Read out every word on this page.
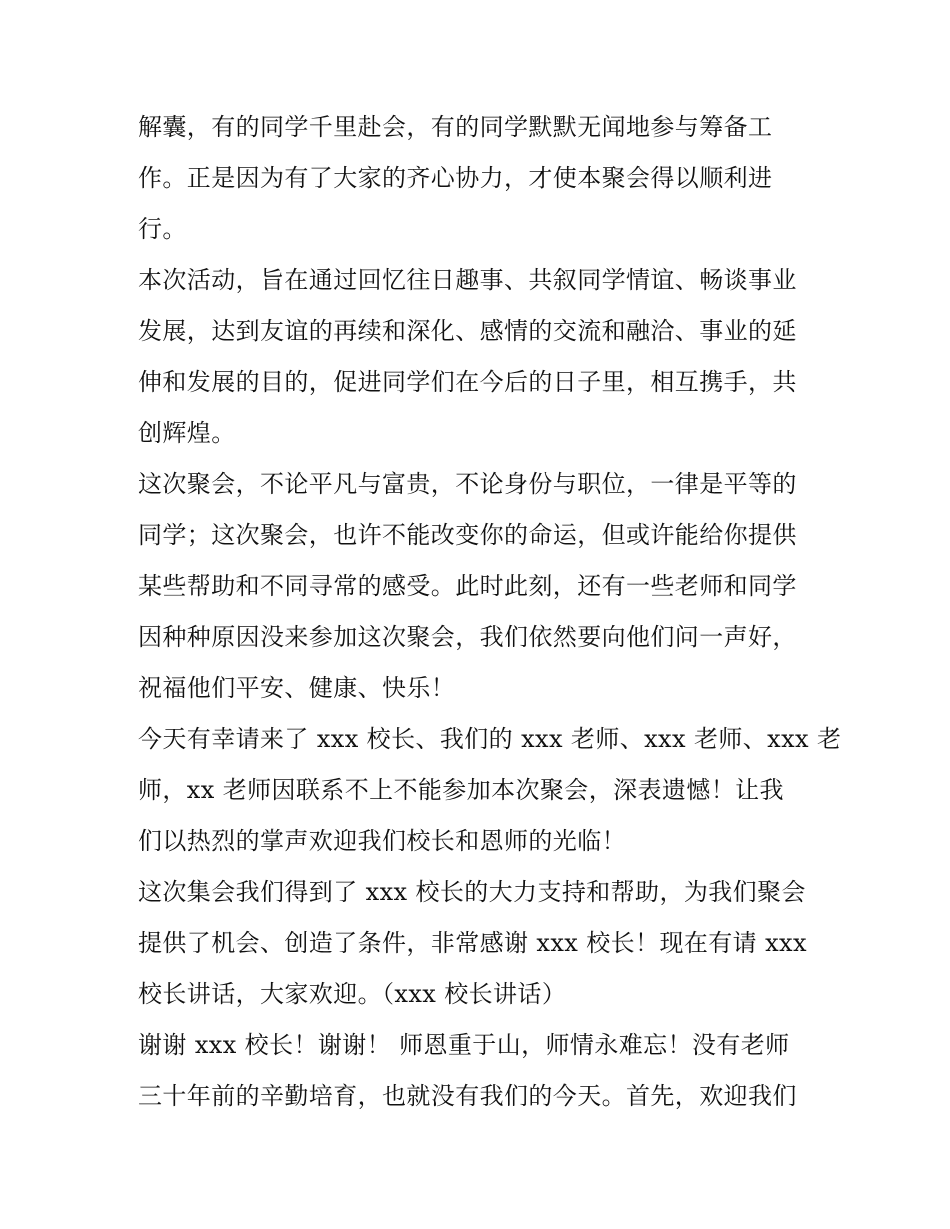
解囊，有的同学千里赴会，有的同学默默无闻地参与筹备工
作。正是因为有了大家的齐心协力，才使本聚会得以顺利进
行。
本次活动，旨在通过回忆往日趣事、共叙同学情谊、畅谈事业
发展，达到友谊的再续和深化、感情的交流和融洽、事业的延
伸和发展的目的，促进同学们在今后的日子里，相互携手，共
创辉煌。
这次聚会，不论平凡与富贵，不论身份与职位，一律是平等的
同学；这次聚会，也许不能改变你的命运，但或许能给你提供
某些帮助和不同寻常的感受。此时此刻，还有一些老师和同学
因种种原因没来参加这次聚会，我们依然要向他们问一声好，
祝福他们平安、健康、快乐！
今天有幸请来了 xxx 校长、我们的 xxx 老师、xxx 老师、xxx 老
师，xx 老师因联系不上不能参加本次聚会，深表遗憾！让我
们以热烈的掌声欢迎我们校长和恩师的光临！
这次集会我们得到了 xxx 校长的大力支持和帮助，为我们聚会
提供了机会、创造了条件，非常感谢 xxx 校长！现在有请 xxx
校长讲话，大家欢迎。（xxx 校长讲话）
谢谢 xxx 校长！谢谢！ 师恩重于山，师情永难忘！没有老师
三十年前的辛勤培育，也就没有我们的今天。首先，欢迎我们
